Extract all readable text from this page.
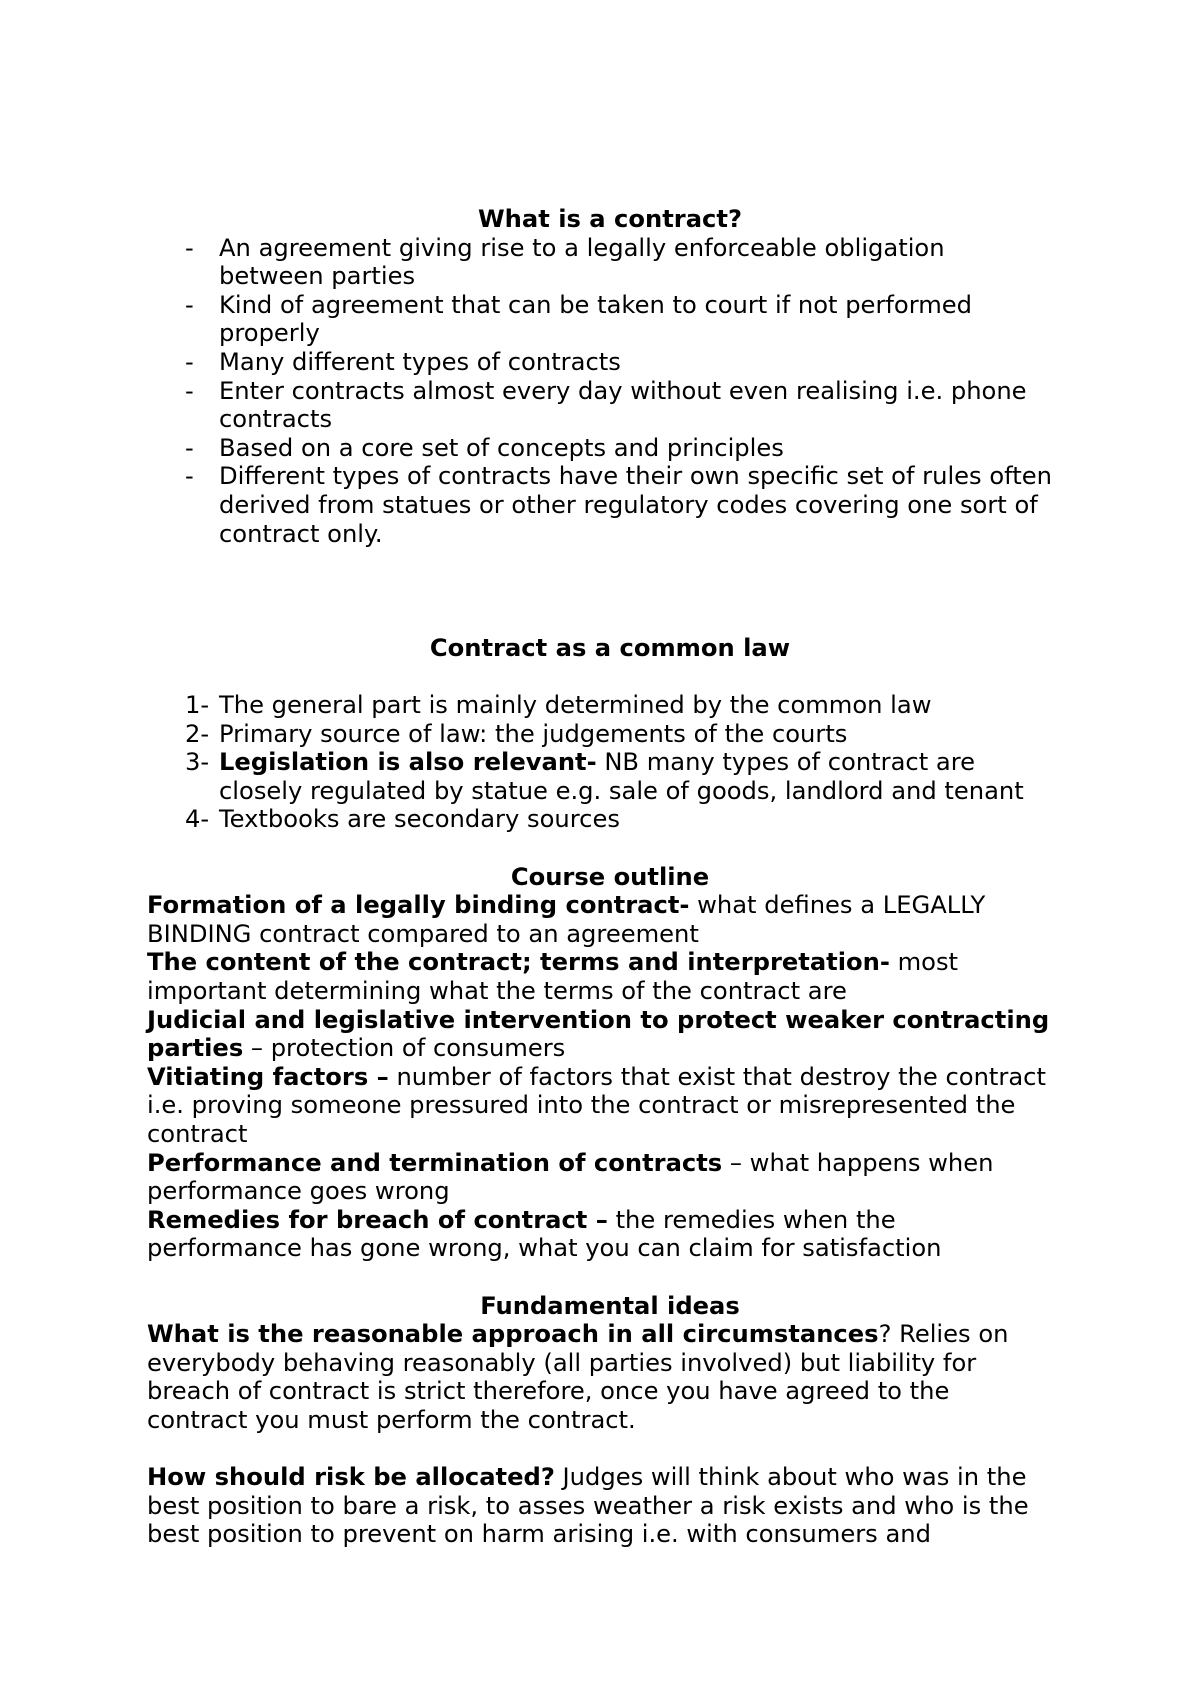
What is a contract?
- An agreement giving rise to a legally enforceable obligation
between parties
- Kind of agreement that can be taken to court if not performed
properly
- Many different types of contracts
- Enter contracts almost every day without even realising i.e. phone
contracts
- Based on a core set of concepts and principles
- Different types of contracts have their own specific set of rules often
derived from statues or other regulatory codes covering one sort of
contract only.
Contract as a common law
1- The general part is mainly determined by the common law
2- Primary source of law: the judgements of the courts
3- Legislation is also relevant- NB many types of contract are
closely regulated by statue e.g. sale of goods, landlord and tenant
4- Textbooks are secondary sources
Course outline
Formation of a legally binding contract- what defines a LEGALLY
BINDING contract compared to an agreement
The content of the contract; terms and interpretation- most
important determining what the terms of the contract are
Judicial and legislative intervention to protect weaker contracting
parties – protection of consumers
Vitiating factors – number of factors that exist that destroy the contract
i.e. proving someone pressured into the contract or misrepresented the
contract
Performance and termination of contracts – what happens when
performance goes wrong
Remedies for breach of contract – the remedies when the
performance has gone wrong, what you can claim for satisfaction
Fundamental ideas
What is the reasonable approach in all circumstances? Relies on
everybody behaving reasonably (all parties involved) but liability for
breach of contract is strict therefore, once you have agreed to the
contract you must perform the contract.
How should risk be allocated? Judges will think about who was in the
best position to bare a risk, to asses weather a risk exists and who is the
best position to prevent on harm arising i.e. with consumers and
